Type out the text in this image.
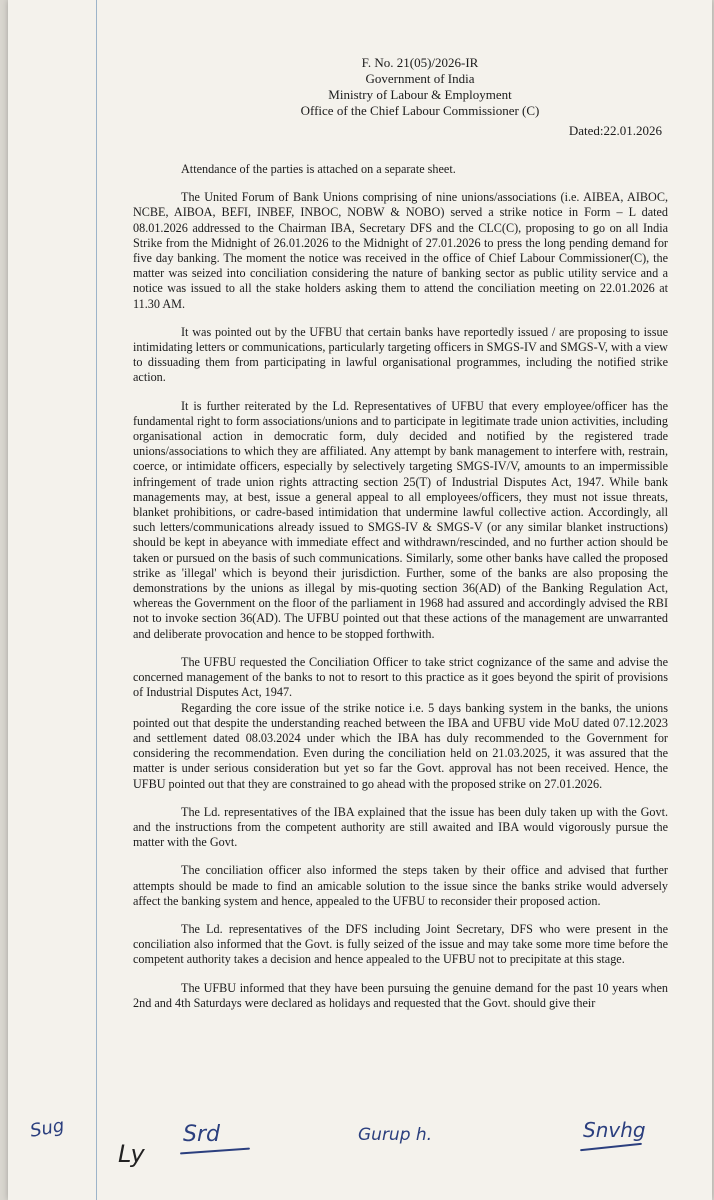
F. No. 21(05)/2026-IR
Government of India
Ministry of Labour & Employment
Office of the Chief Labour Commissioner (C)
Dated:22.01.2026

Attendance of the parties is attached on a separate sheet.

The United Forum of Bank Unions comprising of nine unions/associations (i.e. AIBEA, AIBOC, NCBE, AIBOA, BEFI, INBEF, INBOC, NOBW & NOBO) served a strike notice in Form – L dated 08.01.2026 addressed to the Chairman IBA, Secretary DFS and the CLC(C), proposing to go on all India Strike from the Midnight of 26.01.2026 to the Midnight of 27.01.2026 to press the long pending demand for five day banking. The moment the notice was received in the office of Chief Labour Commissioner(C), the matter was seized into conciliation considering the nature of banking sector as public utility service and a notice was issued to all the stake holders asking them to attend the conciliation meeting on 22.01.2026 at 11.30 AM.

It was pointed out by the UFBU that certain banks have reportedly issued / are proposing to issue intimidating letters or communications, particularly targeting officers in SMGS-IV and SMGS-V, with a view to dissuading them from participating in lawful organisational programmes, including the notified strike action.

It is further reiterated by the Ld. Representatives of UFBU that every employee/officer has the fundamental right to form associations/unions and to participate in legitimate trade union activities, including organisational action in democratic form, duly decided and notified by the registered trade unions/associations to which they are affiliated. Any attempt by bank management to interfere with, restrain, coerce, or intimidate officers, especially by selectively targeting SMGS-IV/V, amounts to an impermissible infringement of trade union rights attracting section 25(T) of Industrial Disputes Act, 1947. While bank managements may, at best, issue a general appeal to all employees/officers, they must not issue threats, blanket prohibitions, or cadre-based intimidation that undermine lawful collective action. Accordingly, all such letters/communications already issued to SMGS-IV & SMGS-V (or any similar blanket instructions) should be kept in abeyance with immediate effect and withdrawn/rescinded, and no further action should be taken or pursued on the basis of such communications. Similarly, some other banks have called the proposed strike as 'illegal' which is beyond their jurisdiction. Further, some of the banks are also proposing the demonstrations by the unions as illegal by mis-quoting section 36(AD) of the Banking Regulation Act, whereas the Government on the floor of the parliament in 1968 had assured and accordingly advised the RBI not to invoke section 36(AD). The UFBU pointed out that these actions of the management are unwarranted and deliberate provocation and hence to be stopped forthwith.

The UFBU requested the Conciliation Officer to take strict cognizance of the same and advise the concerned management of the banks to not to resort to this practice as it goes beyond the spirit of provisions of Industrial Disputes Act, 1947.

Regarding the core issue of the strike notice i.e. 5 days banking system in the banks, the unions pointed out that despite the understanding reached between the IBA and UFBU vide MoU dated 07.12.2023 and settlement dated 08.03.2024 under which the IBA has duly recommended to the Government for considering the recommendation. Even during the conciliation held on 21.03.2025, it was assured that the matter is under serious consideration but yet so far the Govt. approval has not been received. Hence, the UFBU pointed out that they are constrained to go ahead with the proposed strike on 27.01.2026.

The Ld. representatives of the IBA explained that the issue has been duly taken up with the Govt. and the instructions from the competent authority are still awaited and IBA would vigorously pursue the matter with the Govt.

The conciliation officer also informed the steps taken by their office and advised that further attempts should be made to find an amicable solution to the issue since the banks strike would adversely affect the banking system and hence, appealed to the UFBU to reconsider their proposed action.

The Ld. representatives of the DFS including Joint Secretary, DFS who were present in the conciliation also informed that the Govt. is fully seized of the issue and may take some more time before the competent authority takes a decision and hence appealed to the UFBU not to precipitate at this stage.

The UFBU informed that they have been pursuing the genuine demand for the past 10 years when 2nd and 4th Saturdays were declared as holidays and requested that the Govt. should give their

Sug
Ly
Srd	Gurup h.	Snvhg
